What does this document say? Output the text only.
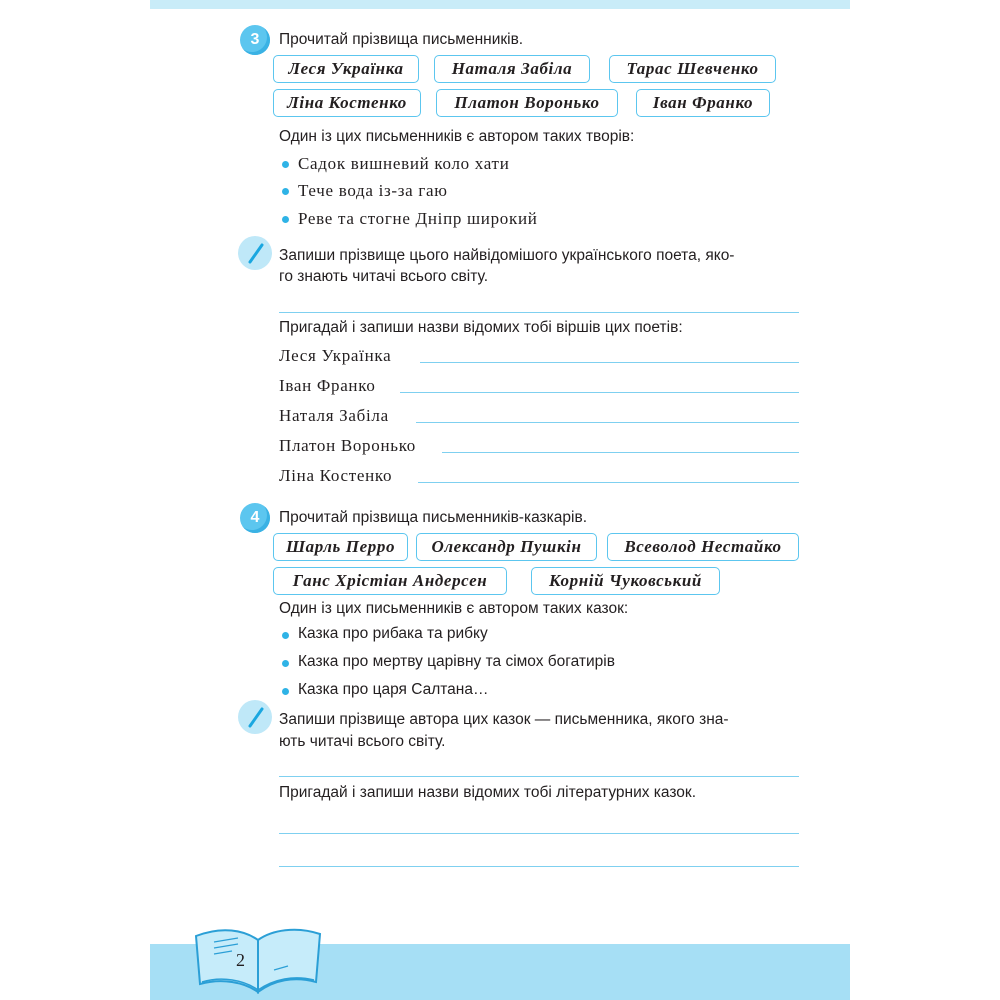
3 Прочитай прізвища письменників.
Леся Українка	Наталя Забіла	Тарас Шевченко
Ліна Костенко	Платон Воронько	Іван Франко
Один із цих письменників є автором таких творів:
Садок вишневий коло хати
Тече вода із-за гаю
Реве та стогне Дніпр широкий
Запиши прізвище цього найвідомішого українського поета, яко-
го знають читачі всього світу.
Пригадай і запиши назви відомих тобі віршів цих поетів:
Леся Українка
Іван Франко
Наталя Забіла
Платон Воронько
Ліна Костенко
4 Прочитай прізвища письменників-казкарів.
Шарль Перро	Олександр Пушкін	Всеволод Нестайко
Ганс Хрістіан Андерсен	Корній Чуковський
Один із цих письменників є автором таких казок:
Казка про рибака та рибку
Казка про мертву царівну та сімох богатирів
Казка про царя Салтана…
Запиши прізвище автора цих казок — письменника, якого зна-
ють читачі всього світу.
Пригадай і запиши назви відомих тобі літературних казок.
2
